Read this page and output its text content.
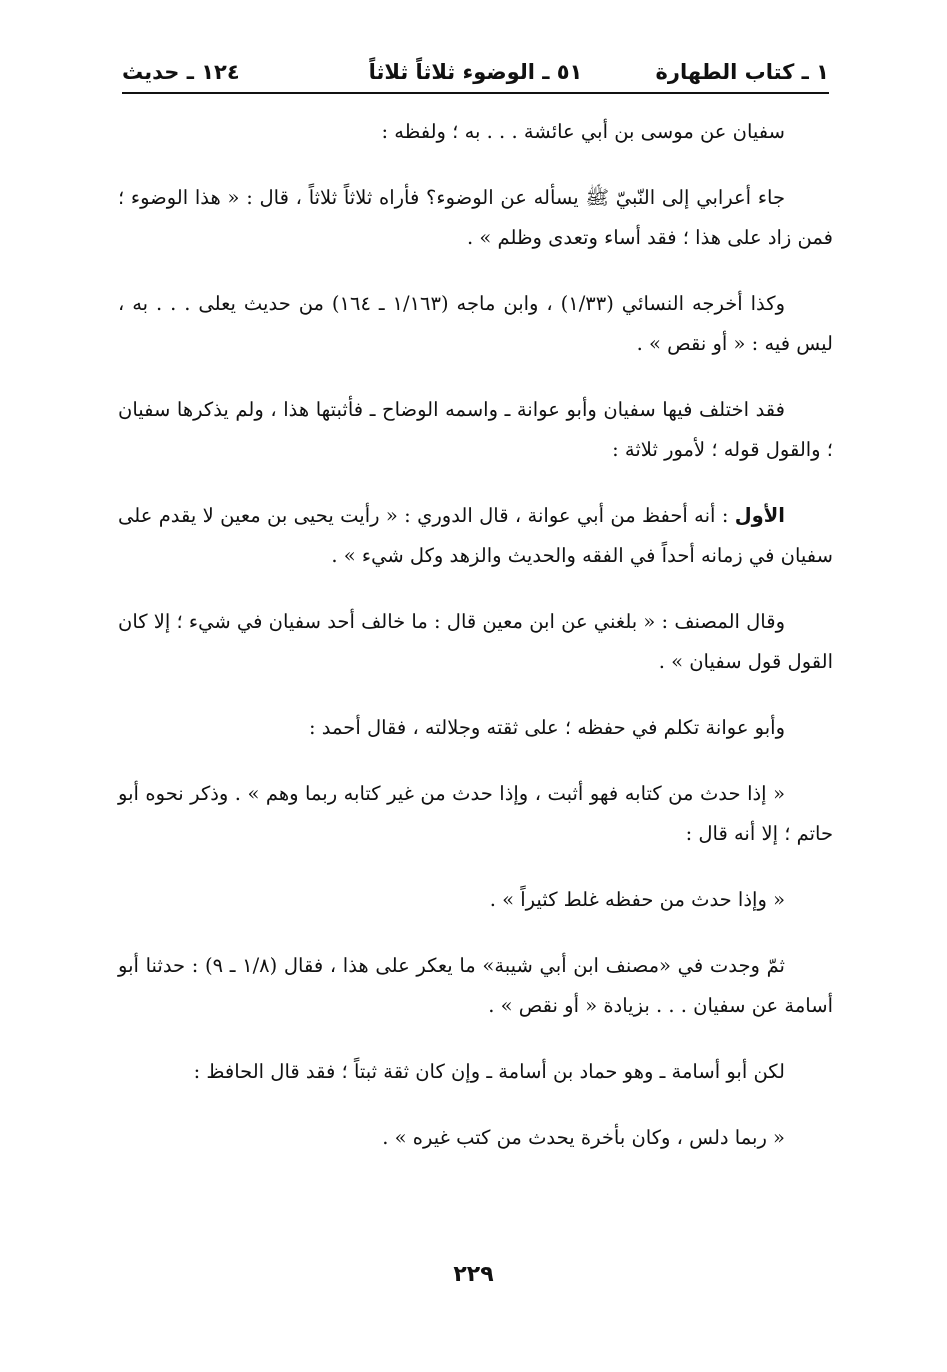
١ ـ كتاب الطهارة
٥١ ـ الوضوء ثلاثاً ثلاثاً
١٢٤ ـ حديث

سفيان عن موسى بن أبي عائشة . . . به ؛ ولفظه :

جاء أعرابي إلى النّبيّ ﷺ يسأله عن الوضوء؟ فأراه ثلاثاً ثلاثاً ، قال : « هذا الوضوء ؛ فمن زاد على هذا ؛ فقد أساء وتعدى وظلم » .

وكذا أخرجه النسائي (١/٣٣) ، وابن ماجه (١/١٦٣ ـ ١٦٤) من حديث يعلى . . . به ، ليس فيه : « أو نقص » .

فقد اختلف فيها سفيان وأبو عوانة ـ واسمه الوضاح ـ فأثبتها هذا ، ولم يذكرها سفيان ؛ والقول قوله ؛ لأمور ثلاثة :

الأول : أنه أحفظ من أبي عوانة ، قال الدوري : « رأيت يحيى بن معين لا يقدم على سفيان في زمانه أحداً في الفقه والحديث والزهد وكل شيء » .

وقال المصنف : « بلغني عن ابن معين قال : ما خالف أحد سفيان في شيء ؛ إلا كان القول قول سفيان » .

وأبو عوانة تكلم في حفظه ؛ على ثقته وجلالته ، فقال أحمد :

« إذا حدث من كتابه فهو أثبت ، وإذا حدث من غير كتابه ربما وهم » . وذكر نحوه أبو حاتم ؛ إلا أنه قال :

« وإذا حدث من حفظه غلط كثيراً » .

ثمّ وجدت في «مصنف ابن أبي شيبة» ما يعكر على هذا ، فقال (١/٨ ـ ٩) : حدثنا أبو أسامة عن سفيان . . . بزيادة « أو نقص » .

لكن أبو أسامة ـ وهو حماد بن أسامة ـ وإن كان ثقة ثبتاً ؛ فقد قال الحافظ :

« ربما دلس ، وكان بأخرة يحدث من كتب غيره » .

٢٢٩
